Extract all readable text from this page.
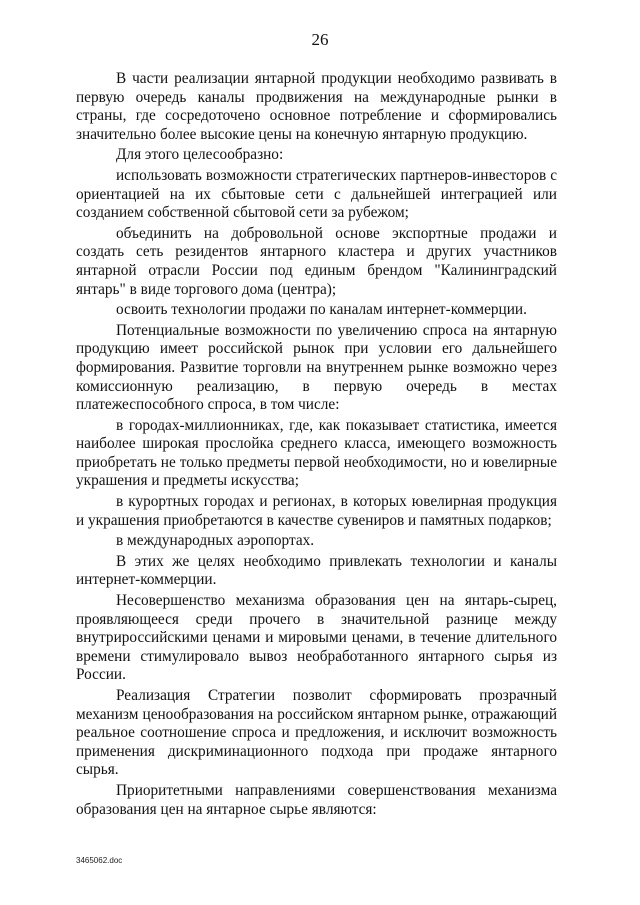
26

В части реализации янтарной продукции необходимо развивать в первую очередь каналы продвижения на международные рынки в страны, где сосредоточено основное потребление и сформировались значительно более высокие цены на конечную янтарную продукцию.

Для этого целесообразно:

использовать возможности стратегических партнеров-инвесторов с ориентацией на их сбытовые сети с дальнейшей интеграцией или созданием собственной сбытовой сети за рубежом;

объединить на добровольной основе экспортные продажи и создать сеть резидентов янтарного кластера и других участников янтарной отрасли России под единым брендом "Калининградский янтарь" в виде торгового дома (центра);

освоить технологии продажи по каналам интернет-коммерции.

Потенциальные возможности по увеличению спроса на янтарную продукцию имеет российской рынок при условии его дальнейшего формирования. Развитие торговли на внутреннем рынке возможно через комиссионную реализацию, в первую очередь в местах платежеспособного спроса, в том числе:

в городах-миллионниках, где, как показывает статистика, имеется наиболее широкая прослойка среднего класса, имеющего возможность приобретать не только предметы первой необходимости, но и ювелирные украшения и предметы искусства;

в курортных городах и регионах, в которых ювелирная продукция и украшения приобретаются в качестве сувениров и памятных подарков;

в международных аэропортах.

В этих же целях необходимо привлекать технологии и каналы интернет-коммерции.

Несовершенство механизма образования цен на янтарь-сырец, проявляющееся среди прочего в значительной разнице между внутрироссийскими ценами и мировыми ценами, в течение длительного времени стимулировало вывоз необработанного янтарного сырья из России.

Реализация Стратегии позволит сформировать прозрачный механизм ценообразования на российском янтарном рынке, отражающий реальное соотношение спроса и предложения, и исключит возможность применения дискриминационного подхода при продаже янтарного сырья.

Приоритетными направлениями совершенствования механизма образования цен на янтарное сырье являются:

3465062.doc
